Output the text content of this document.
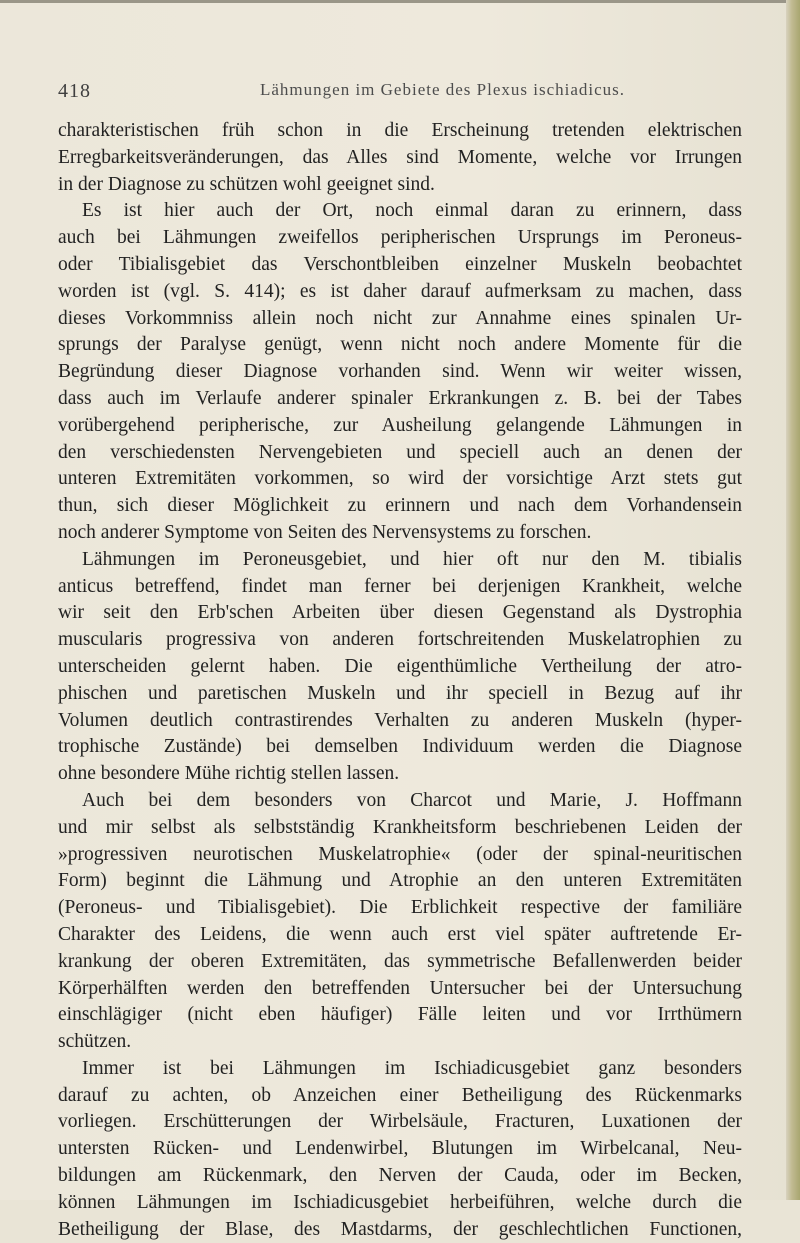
418	Lähmungen im Gebiete des Plexus ischiadicus.
charakteristischen früh schon in die Erscheinung tretenden elektrischen
Erregbarkeitsveränderungen, das Alles sind Momente, welche vor Irrungen
in der Diagnose zu schützen wohl geeignet sind.
Es ist hier auch der Ort, noch einmal daran zu erinnern, dass
auch bei Lähmungen zweifellos peripherischen Ursprungs im Peroneus-
oder Tibialisgebiet das Verschontbleiben einzelner Muskeln beobachtet
worden ist (vgl. S. 414); es ist daher darauf aufmerksam zu machen, dass
dieses Vorkommniss allein noch nicht zur Annahme eines spinalen Ur-
sprungs der Paralyse genügt, wenn nicht noch andere Momente für die
Begründung dieser Diagnose vorhanden sind. Wenn wir weiter wissen,
dass auch im Verlaufe anderer spinaler Erkrankungen z. B. bei der Tabes
vorübergehend peripherische, zur Ausheilung gelangende Lähmungen in
den verschiedensten Nervengebieten und speciell auch an denen der
unteren Extremitäten vorkommen, so wird der vorsichtige Arzt stets gut
thun, sich dieser Möglichkeit zu erinnern und nach dem Vorhandensein
noch anderer Symptome von Seiten des Nervensystems zu forschen.
Lähmungen im Peroneusgebiet, und hier oft nur den M. tibialis
anticus betreffend, findet man ferner bei derjenigen Krankheit, welche
wir seit den Erb'schen Arbeiten über diesen Gegenstand als Dystrophia
muscularis progressiva von anderen fortschreitenden Muskelatrophien zu
unterscheiden gelernt haben. Die eigenthümliche Vertheilung der atro-
phischen und paretischen Muskeln und ihr speciell in Bezug auf ihr
Volumen deutlich contrastirendes Verhalten zu anderen Muskeln (hyper-
trophische Zustände) bei demselben Individuum werden die Diagnose
ohne besondere Mühe richtig stellen lassen.
Auch bei dem besonders von Charcot und Marie, J. Hoffmann
und mir selbst als selbstständig Krankheitsform beschriebenen Leiden der
»progressiven neurotischen Muskelatrophie« (oder der spinal-neuritischen
Form) beginnt die Lähmung und Atrophie an den unteren Extremitäten
(Peroneus- und Tibialisgebiet). Die Erblichkeit respective der familiäre
Charakter des Leidens, die wenn auch erst viel später auftretende Er-
krankung der oberen Extremitäten, das symmetrische Befallenwerden beider
Körperhälften werden den betreffenden Untersucher bei der Untersuchung
einschlägiger (nicht eben häufiger) Fälle leiten und vor Irrthümern
schützen.
Immer ist bei Lähmungen im Ischiadicusgebiet ganz besonders
darauf zu achten, ob Anzeichen einer Betheiligung des Rückenmarks
vorliegen. Erschütterungen der Wirbelsäule, Fracturen, Luxationen der
untersten Rücken- und Lendenwirbel, Blutungen im Wirbelcanal, Neu-
bildungen am Rückenmark, den Nerven der Cauda, oder im Becken,
können Lähmungen im Ischiadicusgebiet herbeiführen, welche durch die
Betheiligung der Blase, des Mastdarms, der geschlechtlichen Functionen,
